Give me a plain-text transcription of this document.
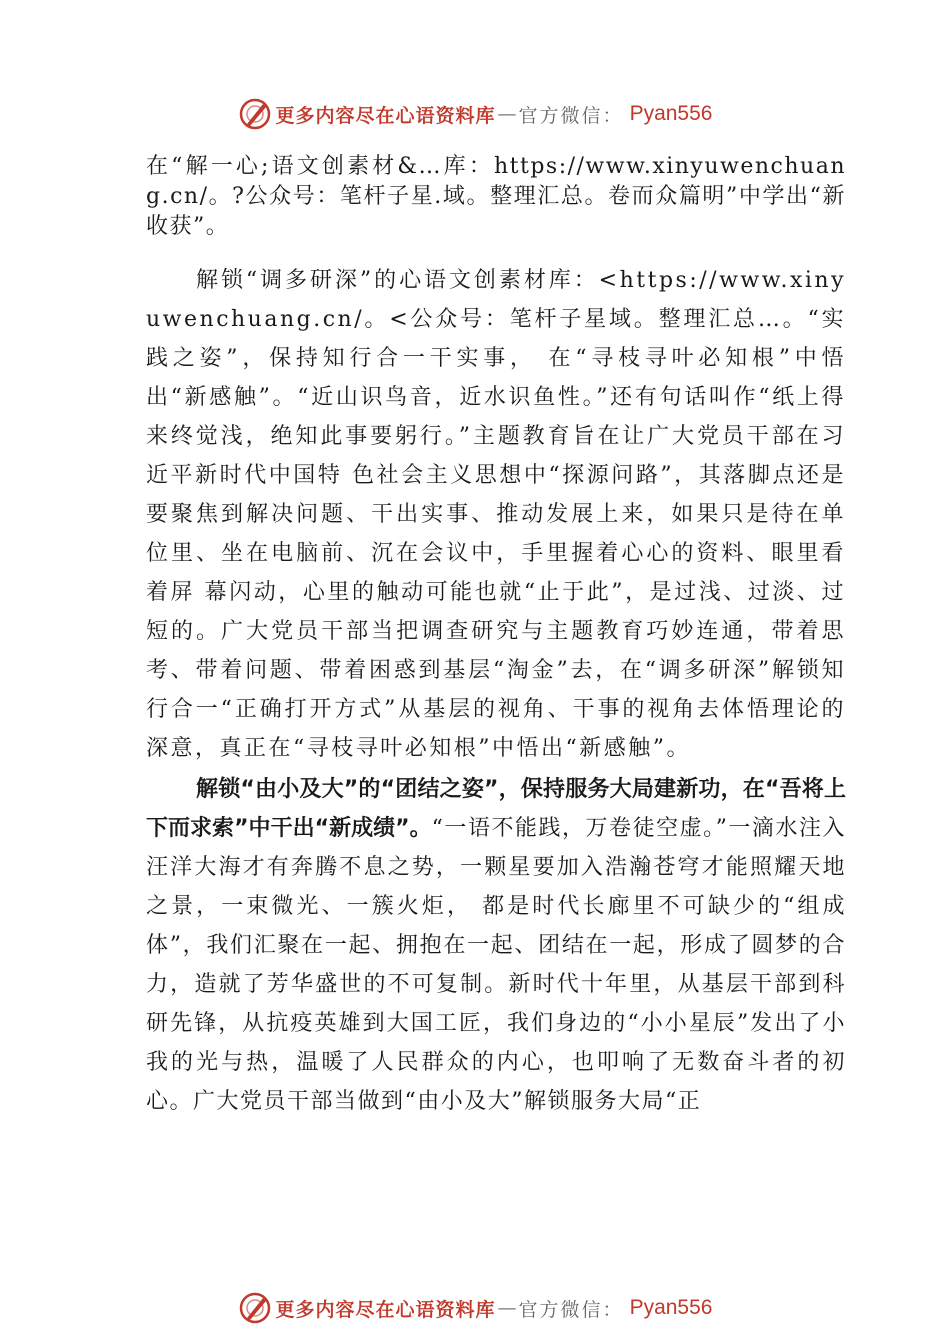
更多内容尽在心语资料库 — 官方微信： Pyan556

在“解一心;语文创素材&…库：https://www.xinyuwenchuang.cn/。?公众号：笔杆子星.域。整理汇总。卷而众篇明”中学出“新收获”。

解锁“调多研深”的心语文创素材库：<https://www.xinyuwenchuang.cn/。<公众号：笔杆子星域。整理汇总…。“实践之姿”，保持知行合一干实事， 在“寻枝寻叶必知根”中悟出“新感触”。“近山识鸟音，近水识鱼性。”还有句话叫作“纸上得来终觉浅，绝知此事要躬行。”主题教育旨在让广大党员干部在习近平新时代中国特 色社会主义思想中“探源问路”，其落脚点还是要聚焦到解决问题、干出实事、推动发展上来，如果只是待在单位里、坐在电脑前、沉在会议中，手里握着心心的资料、眼里看着屏 幕闪动，心里的触动可能也就“止于此”，是过浅、过淡、过短的。广大党员干部当把调查研究与主题教育巧妙连通，带着思考、带着问题、带着困惑到基层“淘金”去，在“调多研深”解锁知行合一“正确打开方式”从基层的视角、干事的视角去体悟理论的深意，真正在“寻枝寻叶必知根”中悟出“新感触”。

解锁“由小及大”的“团结之姿”，保持服务大局建新功，在“吾将上下而求索”中干出“新成绩”。“一语不能践，万卷徒空虚。”一滴水注入汪洋大海才有奔腾不息之势，一颗星要加入浩瀚苍穹才能照耀天地之景，一束微光、一簇火炬， 都是时代长廊里不可缺少的“组成体”，我们汇聚在一起、拥抱在一起、团结在一起，形成了圆梦的合力，造就了芳华盛世的不可复制。新时代十年里，从基层干部到科研先锋，从抗疫英雄到大国工匠，我们身边的“小小星辰”发出了小我的光与热，温暖了人民群众的内心，也叩响了无数奋斗者的初心。广大党员干部当做到“由小及大”解锁服务大局“正

更多内容尽在心语资料库 — 官方微信： Pyan556
